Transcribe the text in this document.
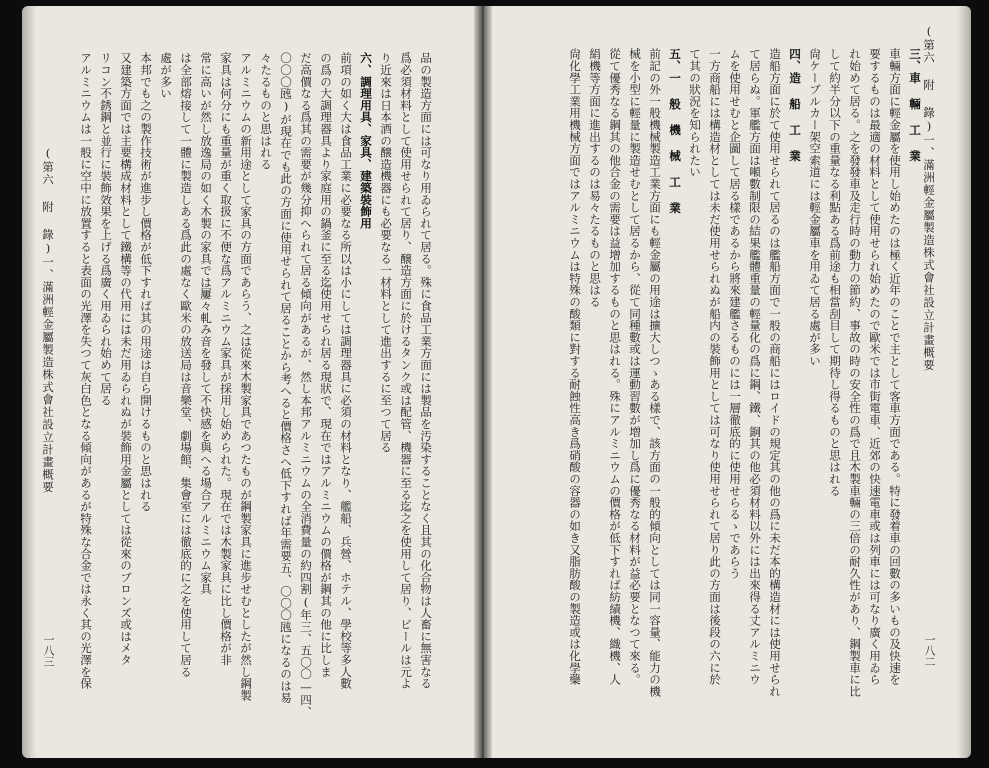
(第六 附 錄)一、滿洲輕金屬製造株式會社設立計畫概要	品の製造方面には可なり用ゐられて居る。殊に食品工業方面には製品を汚染することなく且其の化合物は人畜に無害なる
爲必須材料として使用せられて居り、醸造方面に於けるタンク或は配管、機器に至る迄之を使用して居り、ビールは元よ
り近來は日本酒の醸造機器にも必要なる一材料として進出するに至つて居る
六、調理用具、家具、建築裝飾用
前項の如く大は食品工業に必要なる所以は小にしては調理器具に必須の材料となり、艦船、兵營、ホテル、學校等多人數
の爲の大調理器具より家庭用の鍋釜に至る迄使用せられ居る現狀で、現在ではアルミニウムの價格が鋼其の他に比しま
だ高價なる爲其の需要が幾分抑へられて居る傾向があるが、然し本邦アルミニウムの全消費量の約四割(年三、五〇〇—四、
〇〇〇瓲)が現在でも此の方面に使用せられて居ることから考へると價格さへ低下すれば年需要五、〇〇〇瓲になるのは易
々たるものと思はれる
アルミニウムの新用途として家具の方面であらう、之は從來木製家具であつたものが鋼製家具に進步せむとしたが然し鋼製
家具は何分にも重量が重く取扱に不便な爲アルミニウム家具が採用し始められた。現在では木製家具に比し價格が非
常に高いが然し放逸局の如く木製の家具では屢々軋み音を發して不快感を與へる場合アルミニウム家具
は全部熔接して一體に製造しある爲此の處なく歐米の放送局は音樂堂、劇場館、集會室には徹底的に之を使用して居る
處が多い
本邦でも之の製作技術が進步し價格が低下すれば其の用途は自ら開けるものと思はれる
又建築方面では主要構成材料として鐵構等の代用には未だ用ゐられぬが裝飾用金屬としては從來のブロンズ或はメタ
リコン不銹鋼と並行に裝飾效果を上げる爲廣く用ゐられ始めて居る
アルミニウムは一般に空中に放置すると表面の光澤を失つて灰白色となる傾向があるが特殊な合金では永く其の光澤を保
一八三
(第六 附 錄)一、滿洲輕金屬製造株式會社設立計畫概要
三、車 輛 工 業
車輛方面に輕金屬を使用し始めたのは極く近年のことで主として客車方面である。特に發着車の回數の多いもの及快速を
要するものは最適の材料として使用せられ始めたので歐米では市街電車、近郊の快速電車或は列車には可なり廣く用ゐら
れ始めて居る。之を發發車及走行時の動力の節約、事故の時の安全性の爲で且木製車輛の三倍の耐久性があり、鋼製車に比
して約半分以下の重量なる利點ある爲前途も相當刮目して期待し得るものと思はれる
尙ケーブルカー架空索道には輕金屬車を用ゐて居る處が多い
四、造 船 工 業
造船方面に於て使用せられて居るのは艦船方面で一般の商船にはロイドの規定其の他の爲に未だ本的構造材には使用せられ
て居らぬ。軍艦方面は噸數制限の結果艦體重量の輕量化の爲に鋼、鐵、銅其の他必須材料以外には出來得る丈アルミニウ
ムを使用せむと企圖して居る樣であるから將來建艦さるものには一層徹底的に使用せらるゝであらう
一方商船には構造材としては未だ使用せられぬが船内の裝飾用としては可なり使用せられて居り此の方面は後段の六に於
て其の狀況を知られたい
五、一 般 機 械 工 業
前記の外一般機械製造工業方面にも輕金屬の用途は擴大しつゝある樣で、該方面の一般的傾向としては同一容量、能力の機
械を小型に輕量に製造せむとして居るから、從て同種數或は運動習數が増加し爲に優秀なる材料が益必要となつて來る。
從て優秀なる鋼其の他合金の需要は益增加するものと思はれる。殊にアルミニウムの價格が低下すれば紡績機、織機、人
絹機等方面に進出するのは易々たるものと思はる
尙化學工業用機械方面ではアルミニウムは特殊の酸類に對する耐蝕性高き爲硝酸の容器の如き又脂肪酸の製造或は化學藥	一八二
